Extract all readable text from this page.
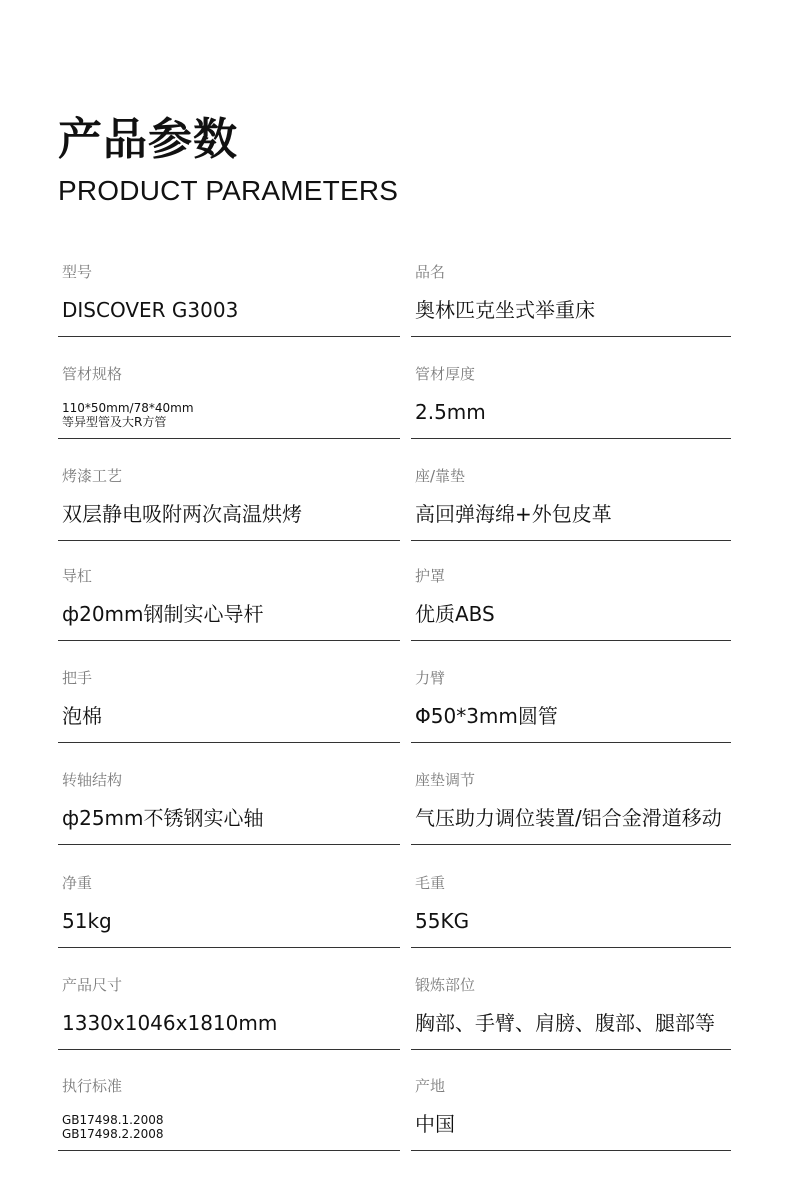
产品参数
PRODUCT PARAMETERS
型号
DISCOVER G3003
品名
奥林匹克坐式举重床
管材规格
110*50mm/78*40mm
等异型管及大R方管
管材厚度
2.5mm
烤漆工艺
双层静电吸附两次高温烘烤
座/靠垫
高回弹海绵+外包皮革
导杠
ф20mm钢制实心导杆
护罩
优质ABS
把手
泡棉
力臂
Φ50*3mm圆管
转轴结构
ф25mm不锈钢实心轴
座垫调节
气压助力调位装置/铝合金滑道移动
净重
51kg
毛重
55KG
产品尺寸
1330x1046x1810mm
锻炼部位
胸部、手臂、肩膀、腹部、腿部等
执行标准
GB17498.1.2008
GB17498.2.2008
产地
中国
